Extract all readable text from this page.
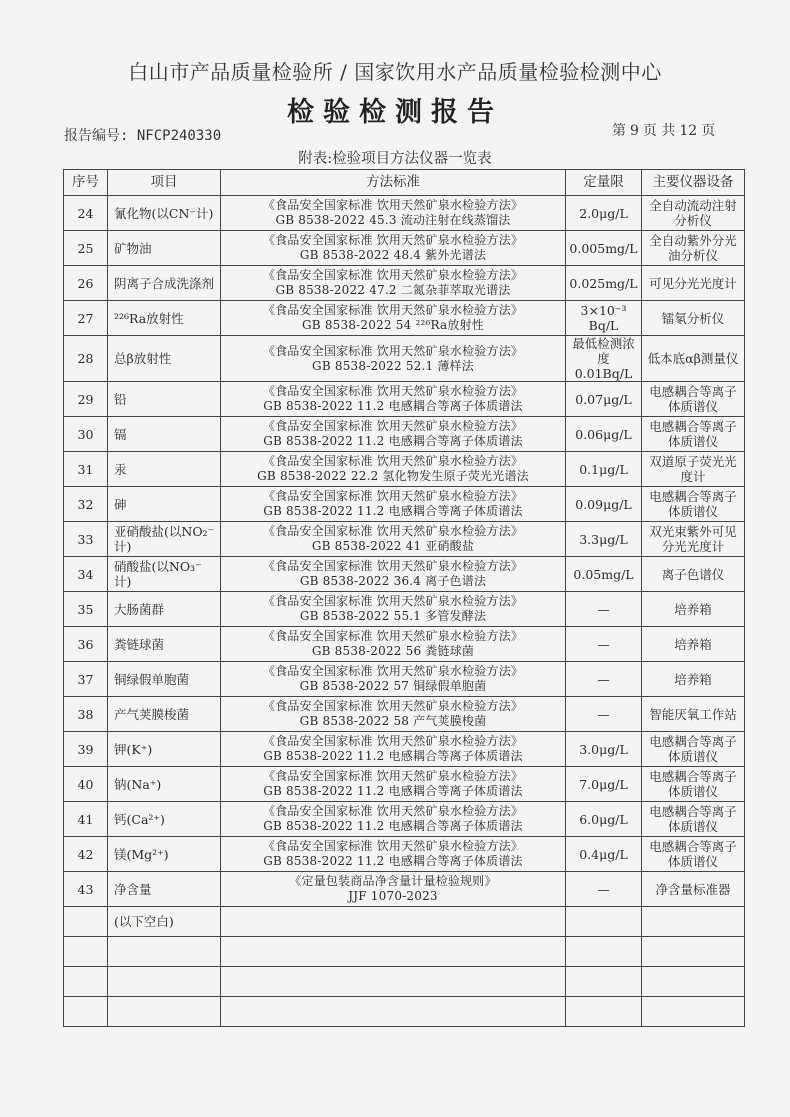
白山市产品质量检验所 / 国家饮用水产品质量检验检测中心
检验检测报告
报告编号: NFCP240330	第 9 页 共 12 页
附表:检验项目方法仪器一览表
序号	项目	方法标准	定量限	主要仪器设备
24	氰化物(以CN⁻计)	《食品安全国家标准 饮用天然矿泉水检验方法》
GB 8538-2022 45.3 流动注射在线蒸馏法	2.0μg/L	全自动流动注射分析仪
25	矿物油	《食品安全国家标准 饮用天然矿泉水检验方法》
GB 8538-2022 48.4 紫外光谱法	0.005mg/L	全自动紫外分光油分析仪
26	阴离子合成洗涤剂	《食品安全国家标准 饮用天然矿泉水检验方法》
GB 8538-2022 47.2 二氮杂菲萃取光谱法	0.025mg/L	可见分光光度计
27	²²⁶Ra放射性	《食品安全国家标准 饮用天然矿泉水检验方法》
GB 8538-2022 54 ²²⁶Ra放射性	3×10⁻³ Bq/L	镭氡分析仪
28	总β放射性	《食品安全国家标准 饮用天然矿泉水检验方法》
GB 8538-2022 52.1 薄样法	最低检测浓度0.01Bq/L	低本底αβ测量仪
29	铅	《食品安全国家标准 饮用天然矿泉水检验方法》
GB 8538-2022 11.2 电感耦合等离子体质谱法	0.07μg/L	电感耦合等离子体质谱仪
30	镉	《食品安全国家标准 饮用天然矿泉水检验方法》
GB 8538-2022 11.2 电感耦合等离子体质谱法	0.06μg/L	电感耦合等离子体质谱仪
31	汞	《食品安全国家标准 饮用天然矿泉水检验方法》
GB 8538-2022 22.2 氢化物发生原子荧光光谱法	0.1μg/L	双道原子荧光光度计
32	砷	《食品安全国家标准 饮用天然矿泉水检验方法》
GB 8538-2022 11.2 电感耦合等离子体质谱法	0.09μg/L	电感耦合等离子体质谱仪
33	亚硝酸盐(以NO₂⁻计)	《食品安全国家标准 饮用天然矿泉水检验方法》
GB 8538-2022 41 亚硝酸盐	3.3μg/L	双光束紫外可见分光光度计
34	硝酸盐(以NO₃⁻计)	《食品安全国家标准 饮用天然矿泉水检验方法》
GB 8538-2022 36.4 离子色谱法	0.05mg/L	离子色谱仪
35	大肠菌群	《食品安全国家标准 饮用天然矿泉水检验方法》
GB 8538-2022 55.1 多管发酵法	—	培养箱
36	粪链球菌	《食品安全国家标准 饮用天然矿泉水检验方法》
GB 8538-2022 56 粪链球菌	—	培养箱
37	铜绿假单胞菌	《食品安全国家标准 饮用天然矿泉水检验方法》
GB 8538-2022 57 铜绿假单胞菌	—	培养箱
38	产气荚膜梭菌	《食品安全国家标准 饮用天然矿泉水检验方法》
GB 8538-2022 58 产气荚膜梭菌	—	智能厌氧工作站
39	钾(K⁺)	《食品安全国家标准 饮用天然矿泉水检验方法》
GB 8538-2022 11.2 电感耦合等离子体质谱法	3.0μg/L	电感耦合等离子体质谱仪
40	钠(Na⁺)	《食品安全国家标准 饮用天然矿泉水检验方法》
GB 8538-2022 11.2 电感耦合等离子体质谱法	7.0μg/L	电感耦合等离子体质谱仪
41	钙(Ca²⁺)	《食品安全国家标准 饮用天然矿泉水检验方法》
GB 8538-2022 11.2 电感耦合等离子体质谱法	6.0μg/L	电感耦合等离子体质谱仪
42	镁(Mg²⁺)	《食品安全国家标准 饮用天然矿泉水检验方法》
GB 8538-2022 11.2 电感耦合等离子体质谱法	0.4μg/L	电感耦合等离子体质谱仪
43	净含量	《定量包装商品净含量计量检验规则》
JJF 1070-2023	—	净含量标准器
	(以下空白)			
